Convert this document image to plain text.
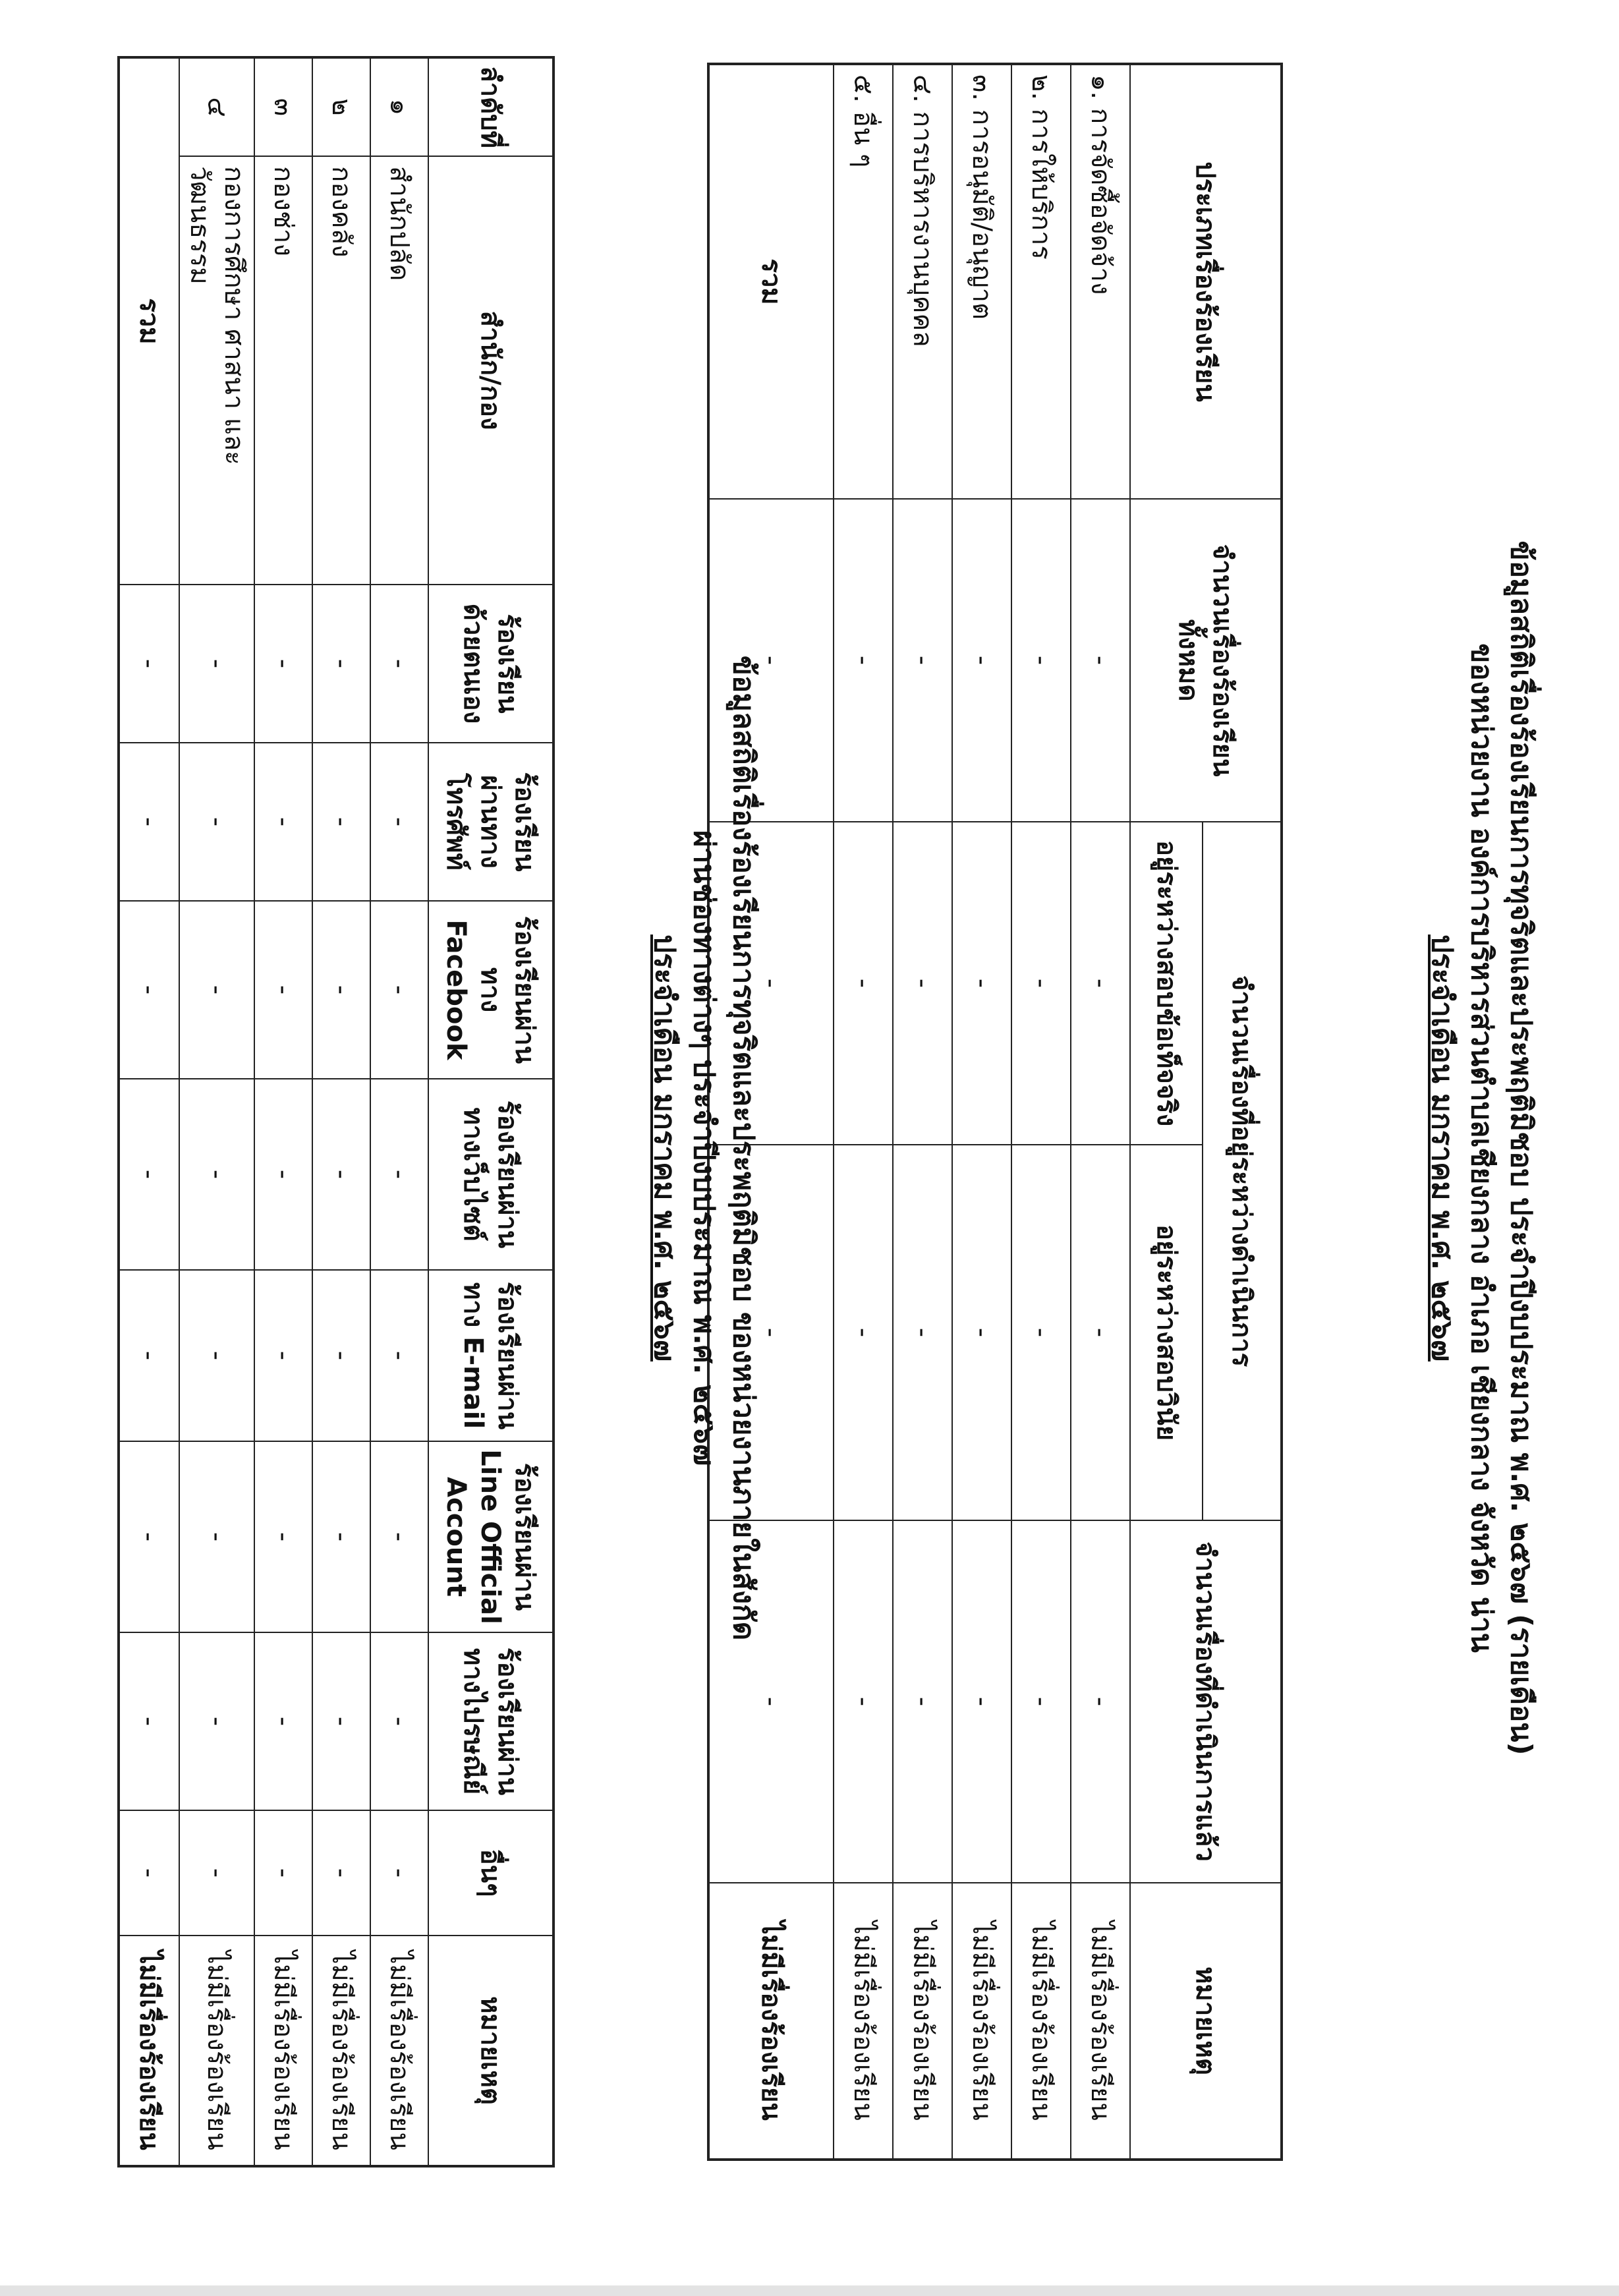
ข้อมูลสถิติเรื่องร้องเรียนการทุจริตและประพฤติมิชอบ ประจำปีงบประมาณ พ.ศ. ๒๕๖๗ (รายเดือน)
ของหน่วยงาน องค์การบริหารส่วนตำบลเชียงกลาง อำเภอ เชียงกลาง จังหวัด น่าน
ประจำเดือน มกราคม พ.ศ. ๒๕๖๗
ประเภทเรื่องร้องเรียน	จำนวนเรื่องร้องเรียนทั้งหมด	จำนวนเรื่องที่อยู่ระหว่างดำเนินการ		จำนวนเรื่องที่ดำเนินการแล้ว	หมายเหตุ
		อยู่ระหว่างสอบข้อเท็จจริง	อยู่ระหว่างสอบวินัย		
๑. การจัดซื้อจัดจ้าง	-	-	-	-	ไม่มีเรื่องร้องเรียน
๒. การให้บริการ	-	-	-	-	ไม่มีเรื่องร้องเรียน
๓. การอนุมัติ/อนุญาต	-	-	-	-	ไม่มีเรื่องร้องเรียน
๔. การบริหารงานบุคคล	-	-	-	-	ไม่มีเรื่องร้องเรียน
๕. อื่น ๆ	-	-	-	-	ไม่มีเรื่องร้องเรียน
รวม	-	-	-	-	ไม่มีเรื่องร้องเรียน
ข้อมูลสถิติเรื่องร้องเรียนการทุจริตและประพฤติมิชอบ ของหน่วยงานภายในสังกัด
ผ่านช่องทางต่างๆ ประจำปีงบประมาณ พ.ศ. ๒๕๖๗
ประจำเดือน มกราคม พ.ศ. ๒๕๖๗
ลำดับที่	สำนัก/กอง	ร้องเรียนด้วยตนเอง	ร้องเรียนผ่านทางโทรศัพท์	ร้องเรียนผ่านทาง Facebook	ร้องเรียนผ่านทางเว็บไซต์	ร้องเรียนผ่านทาง E-mail	ร้องเรียนผ่าน Line Official Account	ร้องเรียนผ่านทางไปรษณีย์	อื่นๆ	หมายเหตุ
๑	สำนักปลัด	-	-	-	-	-	-	-	-	ไม่มีเรื่องร้องเรียน
๒	กองคลัง	-	-	-	-	-	-	-	-	ไม่มีเรื่องร้องเรียน
๓	กองช่าง	-	-	-	-	-	-	-	-	ไม่มีเรื่องร้องเรียน
๔	กองการศึกษา ศาสนา และวัฒนธรรม	-	-	-	-	-	-	-	-	ไม่มีเรื่องร้องเรียน
รวม		-	-	-	-	-	-	-	-	ไม่มีเรื่องร้องเรียน
